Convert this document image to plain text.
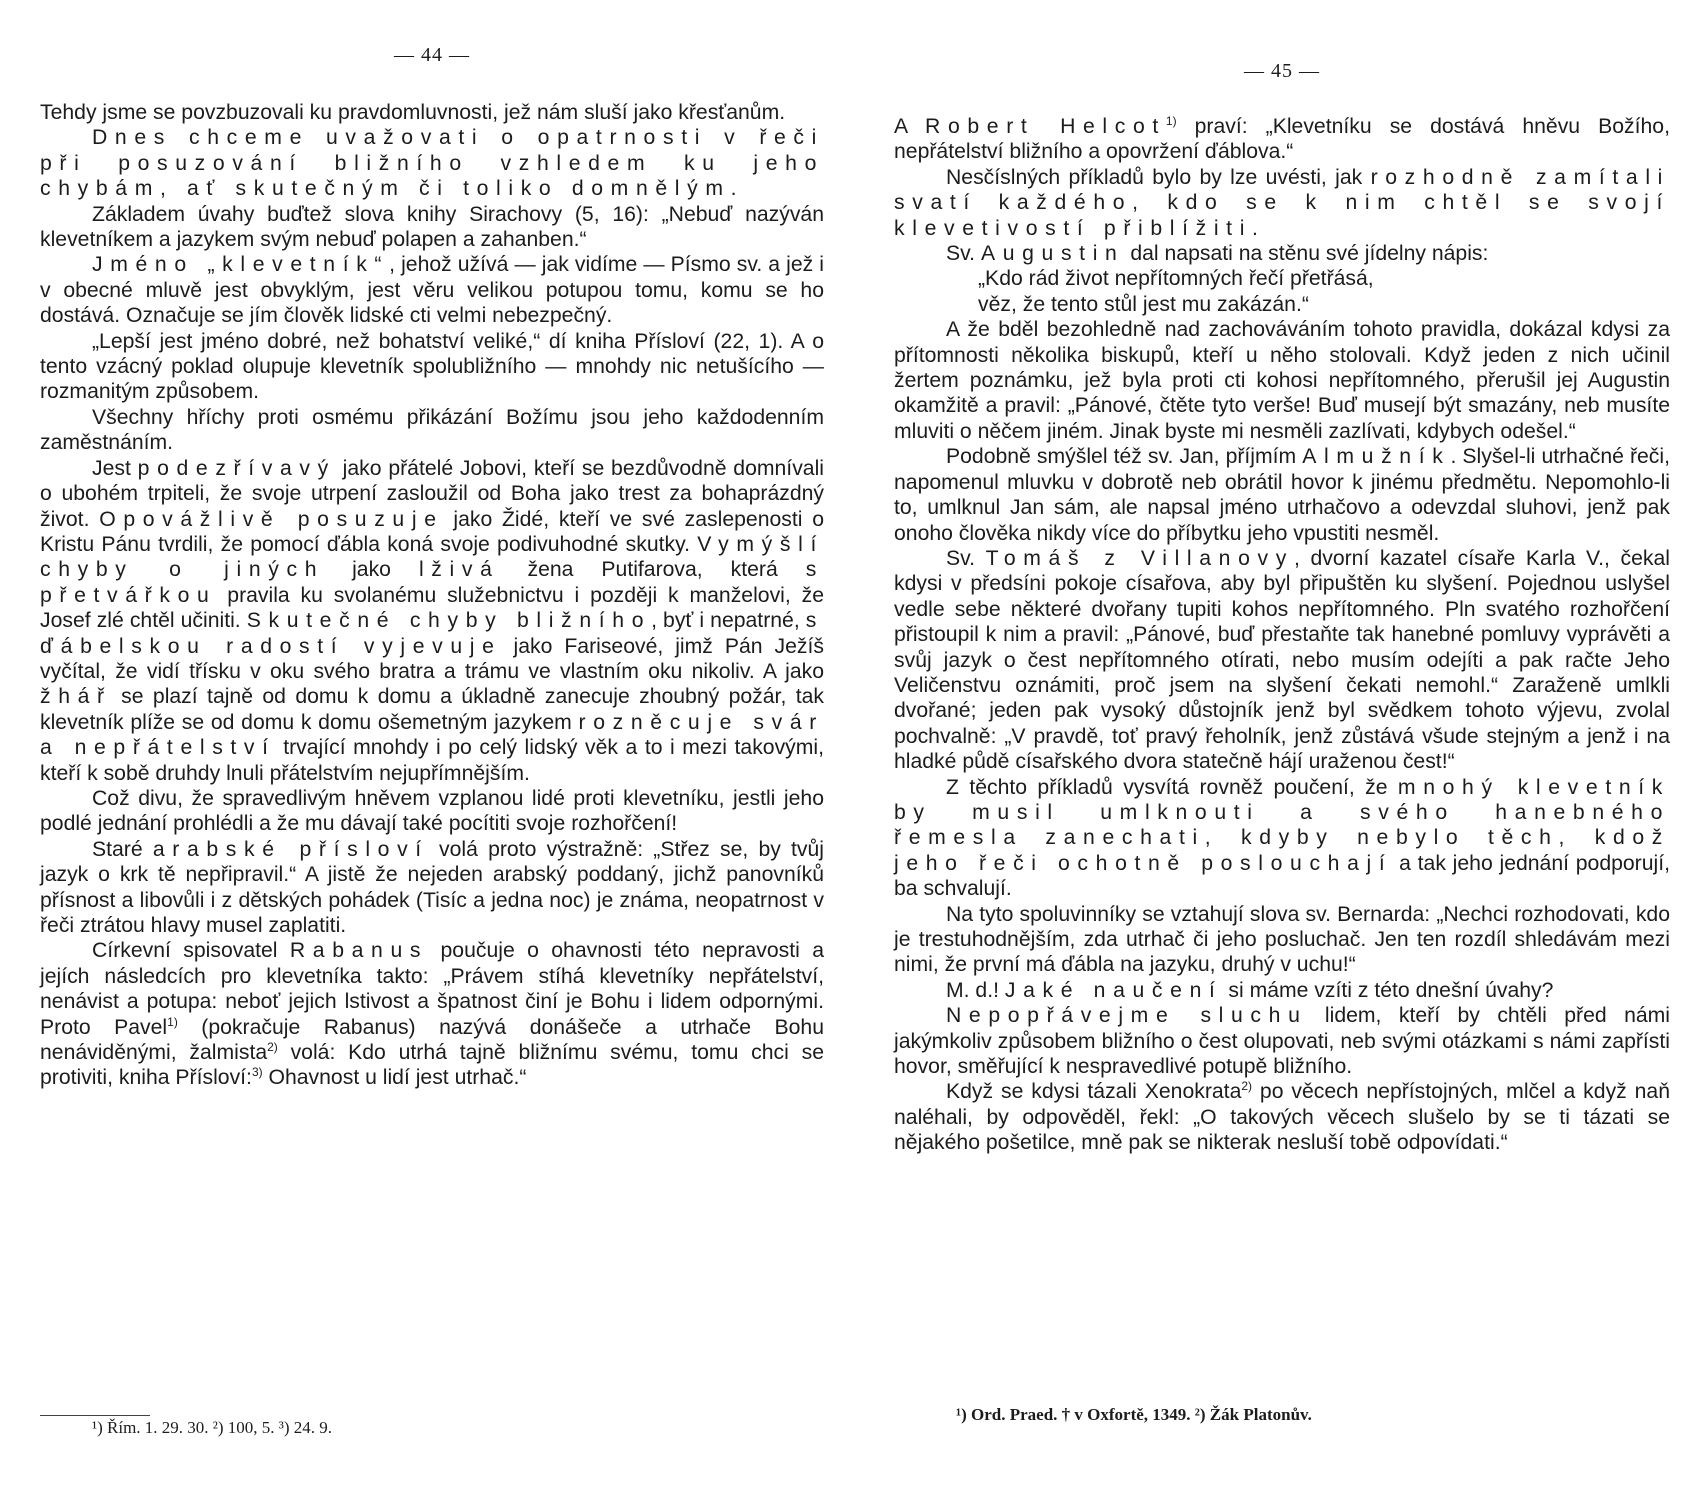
— 44 —

Tehdy jsme se povzbuzovali ku pravdomluvnosti, jež nám sluší jako křesťanům.

Dnes chceme uvažovati o opatrnosti v řeči při posuzování bližního vzhledem ku jeho chybám, ať skutečným či toliko domnělým.

Základem úvahy buďtež slova knihy Sirachovy (5, 16): „Nebuď nazýván klevetníkem a jazykem svým nebuď polapen a zahanben.“

Jméno „klevetník“, jehož užívá — jak vidíme — Písmo sv. a jež i v obecné mluvě jest obvyklým, jest věru velikou potupou tomu, komu se ho dostává. Označuje se jím člověk lidské cti velmi nebezpečný.

„Lepší jest jméno dobré, než bohatství veliké,“ dí kniha Přísloví (22, 1). A o tento vzácný poklad olupuje klevetník spolubližního — mnohdy nic netušícího — rozmanitým způsobem.

Všechny hříchy proti osmému přikázání Božímu jsou jeho každodenním zaměstnáním.

Jest podezřívavý jako přátelé Jobovi, kteří se bezdůvodně domnívali o ubohém trpiteli, že svoje utrpení zasloužil od Boha jako trest za bohaprázdný život. Opovážlivě posuzuje jako Židé, kteří ve své zaslepenosti o Kristu Pánu tvrdili, že pomocí ďábla koná svoje podivuhodné skutky. Vymýšlí chyby o jiných jako lživá žena Putifarova, která s přetvářkou pravila ku svolanému služebnictvu i později k manželovi, že Josef zlé chtěl učiniti. Skutečné chyby bližního, byť i nepatrné, s ďábelskou radostí vyjevuje jako Fariseové, jimž Pán Ježíš vyčítal, že vidí třísku v oku svého bratra a trámu ve vlastním oku nikoliv. A jako žhář se plazí tajně od domu k domu a úkladně zanecuje zhoubný požár, tak klevetník plíže se od domu k domu ošemetným jazykem rozněcuje svár a nepřátelství trvající mnohdy i po celý lidský věk a to i mezi takovými, kteří k sobě druhdy lnuli přátelstvím nejupřímnějším.

Což divu, že spravedlivým hněvem vzplanou lidé proti klevetníku, jestli jeho podlé jednání prohlédli a že mu dávají také pocítiti svoje rozhořčení!

Staré arabské přísloví volá proto výstražně: „Střez se, by tvůj jazyk o krk tě nepřipravil.“ A jistě že nejeden arabský poddaný, jichž panovníků přísnost a libovůli i z dětských pohádek (Tisíc a jedna noc) je známa, neopatrnost v řeči ztrátou hlavy musel zaplatiti.

Církevní spisovatel Rabanus poučuje o ohavnosti této nepravosti a jejích následcích pro klevetníka takto: „Právem stíhá klevetníky nepřátelství, nenávist a potupa: neboť jejich lstivost a špatnost činí je Bohu i lidem odpornými. Proto Pavel$^{1)}$ (pokračuje Rabanus) nazývá donášeče a utrhače Bohu nenáviděnými, žalmista$^{2)}$ volá: Kdo utrhá tajně bližnímu svému, tomu chci se protiviti, kniha Přísloví:$^{3)}$ Ohavnost u lidí jest utrhač.“

¹) Řím. 1. 29. 30. ²) 100, 5. ³) 24. 9.
— 45 —

A Robert Helcot$^{1)}$ praví: „Klevetníku se dostává hněvu Božího, nepřátelství bližního a opovržení ďáblova.“

Nesčíslných příkladů bylo by lze uvésti, jak rozhodně zamítali svatí každého, kdo se k nim chtěl se svojí klevetivostí přiblížiti.

Sv. Augustin dal napsati na stěnu své jídelny nápis:

„Kdo rád život nepřítomných řečí přetřásá,

věz, že tento stůl jest mu zakázán.“

A že bděl bezohledně nad zachováváním tohoto pravidla, dokázal kdysi za přítomnosti několika biskupů, kteří u něho stolovali. Když jeden z nich učinil žertem poznámku, jež byla proti cti kohosi nepřítomného, přerušil jej Augustin okamžitě a pravil: „Pánové, čtěte tyto verše! Buď musejí být smazány, neb musíte mluviti o něčem jiném. Jinak byste mi nesměli zazlívati, kdybych odešel.“

Podobně smýšlel též sv. Jan, příjmím Almužník. Slyšel-li utrhačné řeči, napomenul mluvku v dobrotě neb obrátil hovor k jinému předmětu. Nepomohlo-li to, umlknul Jan sám, ale napsal jméno utrhačovo a odevzdal sluhovi, jenž pak onoho člověka nikdy více do příbytku jeho vpustiti nesměl.

Sv. Tomáš z Villanovy, dvorní kazatel císaře Karla V., čekal kdysi v předsíni pokoje císařova, aby byl připuštěn ku slyšení. Pojednou uslyšel vedle sebe některé dvořany tupiti kohos nepřítomného. Pln svatého rozhořčení přistoupil k nim a pravil: „Pánové, buď přestaňte tak hanebné pomluvy vyprávěti a svůj jazyk o čest nepřítomného otírati, nebo musím odejíti a pak račte Jeho Veličenstvu oznámiti, proč jsem na slyšení čekati nemohl.“ Zaraženě umlkli dvořané; jeden pak vysoký důstojník jenž byl svědkem tohoto výjevu, zvolal pochvalně: „V pravdě, toť pravý řeholník, jenž zůstává všude stejným a jenž i na hladké půdě císařského dvora statečně hájí uraženou čest!“

Z těchto příkladů vysvítá rovněž poučení, že mnohý klevetník by musil umlknouti a svého hanebného řemesla zanechati, kdyby nebylo těch, kdož jeho řeči ochotně poslouchají a tak jeho jednání podporují, ba schvalují.

Na tyto spoluvinníky se vztahují slova sv. Bernarda: „Nechci rozhodovati, kdo je trestuhodnějším, zda utrhač či jeho posluchač. Jen ten rozdíl shledávám mezi nimi, že první má ďábla na jazyku, druhý v uchu!“

M. d.! Jaké naučení si máme vzíti z této dnešní úvahy?

Nepopřávejme sluchu lidem, kteří by chtěli před námi jakýmkoliv způsobem bližního o čest olupovati, neb svými otázkami s námi zapřísti hovor, směřující k nespravedlivé potupě bližního.

Když se kdysi tázali Xenokrata$^{2)}$ po věcech nepřístojných, mlčel a když naň naléhali, by odpověděl, řekl: „O takových věcech slušelo by se ti tázati se nějakého pošetilce, mně pak se nikterak nesluší tobě odpovídati.“

¹) Ord. Praed. † v Oxfortě, 1349. ²) Žák Platonův.
